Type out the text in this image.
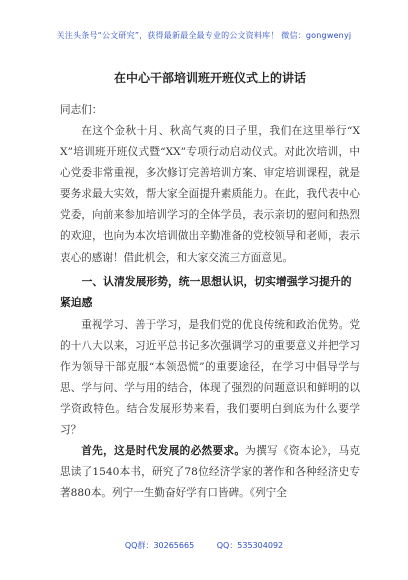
关注头条号“公文研究”，获得最新最全最专业的公文资料库！ 微信：gongwenyj
在中心干部培训班开班仪式上的讲话

同志们：

在这个金秋十月、秋高气爽的日子里，我们在这里举行“XX”培训班开班仪式暨“XX”专项行动启动仪式。对此次培训，中心党委非常重视，多次修订完善培训方案、审定培训课程，就是要务求最大实效，帮大家全面提升素质能力。在此，我代表中心党委，向前来参加培训学习的全体学员，表示亲切的慰问和热烈的欢迎，也向为本次培训做出辛勤准备的党校领导和老师，表示衷心的感谢！借此机会，和大家交流三方面意见。

一、认清发展形势，统一思想认识，切实增强学习提升的紧迫感

重视学习、善于学习，是我们党的优良传统和政治优势。党的十八大以来，习近平总书记多次强调学习的重要意义并把学习作为领导干部克服“本领恐慌”的重要途径，在学习中倡导学与思、学与问、学与用的结合，体现了强烈的问题意识和鲜明的以学资政特色。结合发展形势来看，我们要明白到底为什么要学习？

首先，这是时代发展的必然要求。为撰写《资本论》，马克思读了1540本书，研究了78位经济学家的著作和各种经济史专著880本。列宁一生勤奋好学有口皆碑。《列宁全

QQ群：30265665	QQ：535304092
